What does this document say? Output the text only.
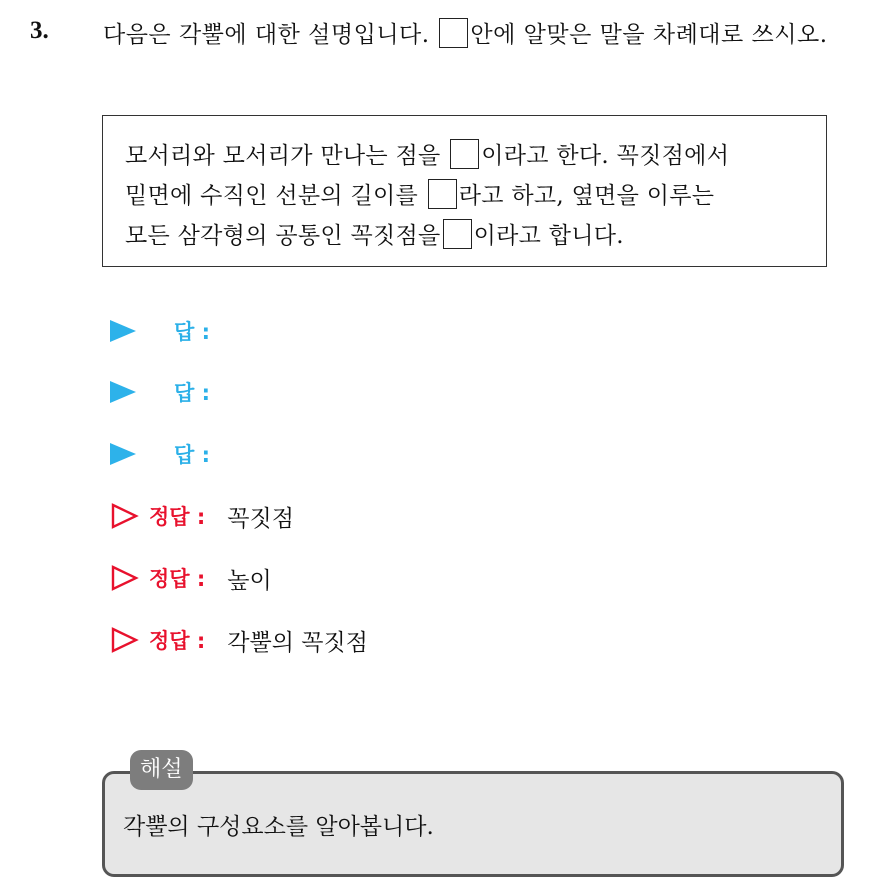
3. 다음은 각뿔에 대한 설명입니다. 안에 알맞은 말을 차례대로 쓰시오.
모서리와 모서리가 만나는 점을 이라고 한다. 꼭짓점에서
밑면에 수직인 선분의 길이를 라고 하고, 옆면을 이루는
모든 삼각형의 공통인 꼭짓점을 이라고 합니다.
답 :
답 :
답 :
정답 : 꼭짓점
정답 : 높이
정답 : 각뿔의 꼭짓점
해설
각뿔의 구성요소를 알아봅니다.
